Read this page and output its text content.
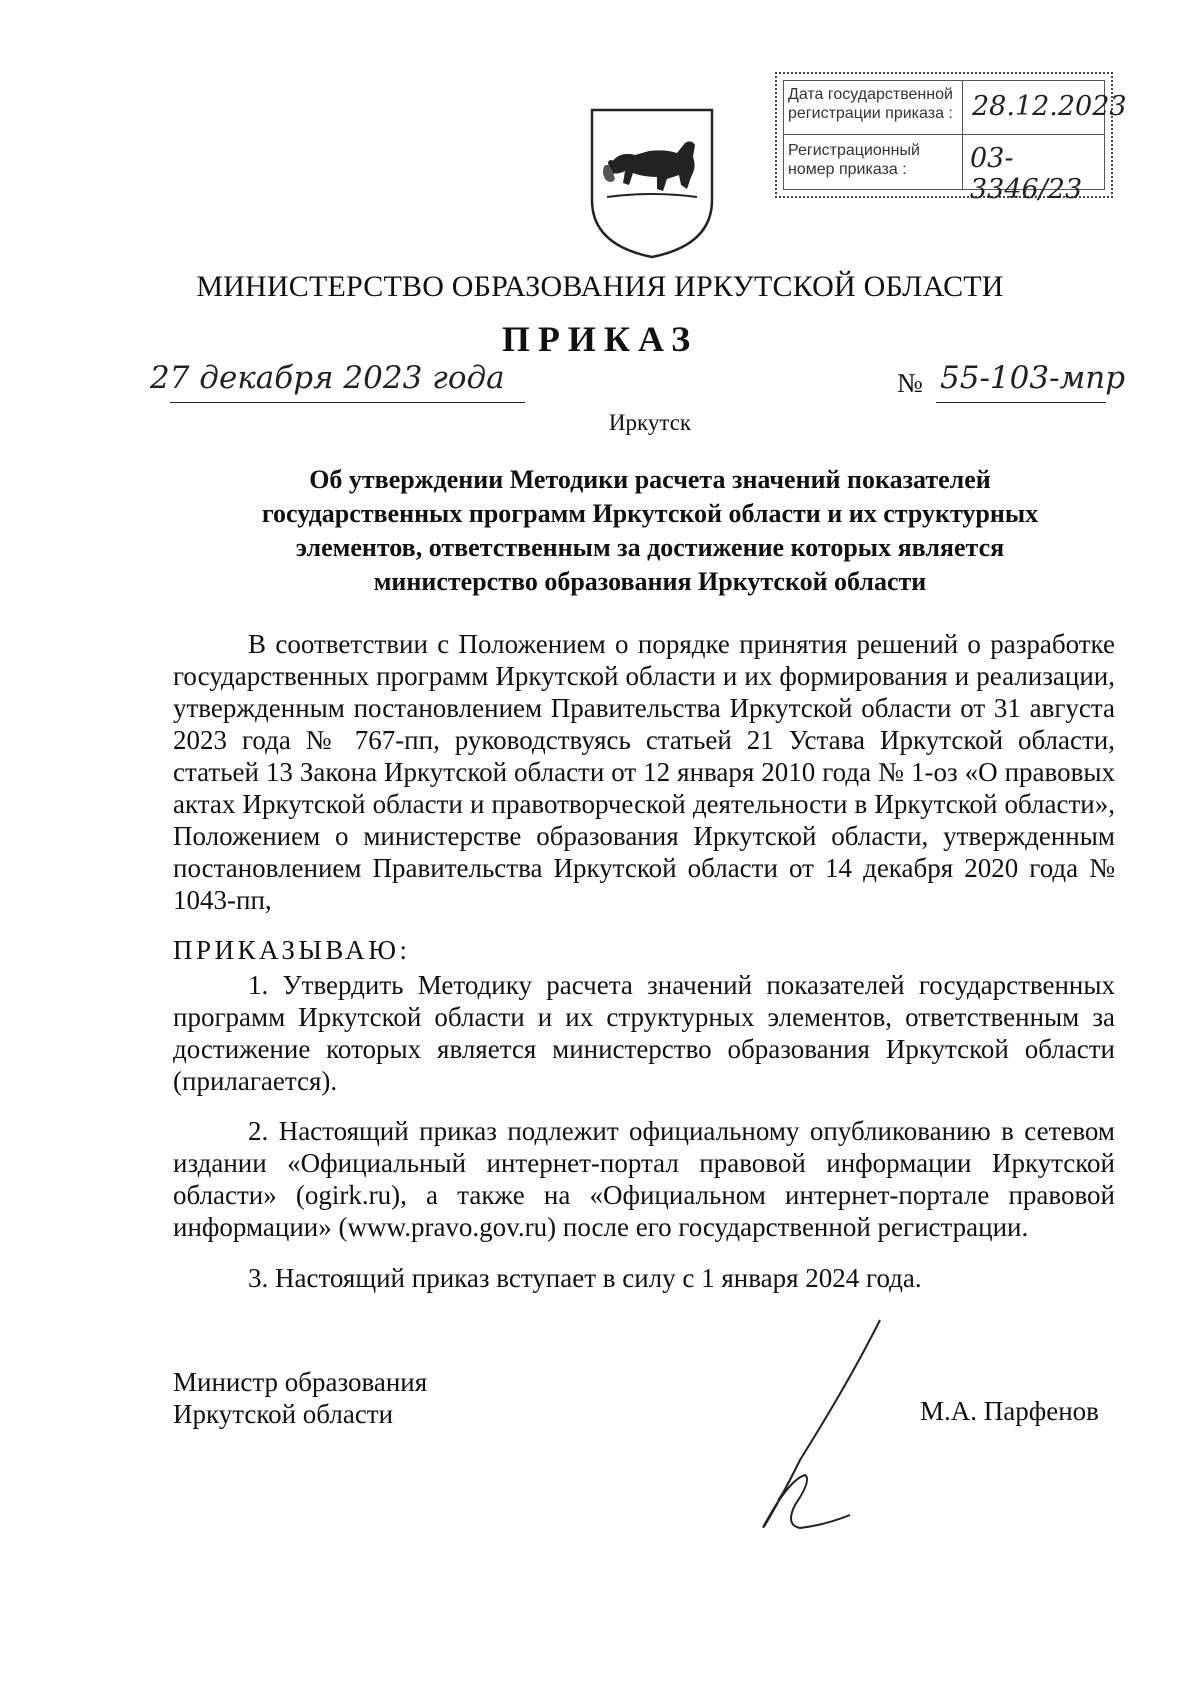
Дата государственной регистрации приказа : 28.12.2023
Регистрационный номер приказа :	03-3346/23
МИНИСТЕРСТВО ОБРАЗОВАНИЯ ИРКУТСКОЙ ОБЛАСТИ
ПРИКАЗ
27 декабря 2023 года	№ 55-103-мпр
Иркутск
Об утверждении Методики расчета значений показателей государственных программ Иркутской области и их структурных элементов, ответственным за достижение которых является министерство образования Иркутской области
В соответствии с Положением о порядке принятия решений о разработке государственных программ Иркутской области и их формирования и реализации, утвержденным постановлением Правительства Иркутской области от 31 августа 2023 года № 767-пп, руководствуясь статьей 21 Устава Иркутской области, статьей 13 Закона Иркутской области от 12 января 2010 года № 1-оз «О правовых актах Иркутской области и правотворческой деятельности в Иркутской области», Положением о министерстве образования Иркутской области, утвержденным постановлением Правительства Иркутской области от 14 декабря 2020 года № 1043-пп,
ПРИКАЗЫВАЮ:
1. Утвердить Методику расчета значений показателей государственных программ Иркутской области и их структурных элементов, ответственным за достижение которых является министерство образования Иркутской области (прилагается).
2. Настоящий приказ подлежит официальному опубликованию в сетевом издании «Официальный интернет-портал правовой информации Иркутской области» (ogirk.ru), а также на «Официальном интернет-портале правовой информации» (www.pravo.gov.ru) после его государственной регистрации.
3. Настоящий приказ вступает в силу с 1 января 2024 года.
Министр образования
Иркутской области	М.А. Парфенов
